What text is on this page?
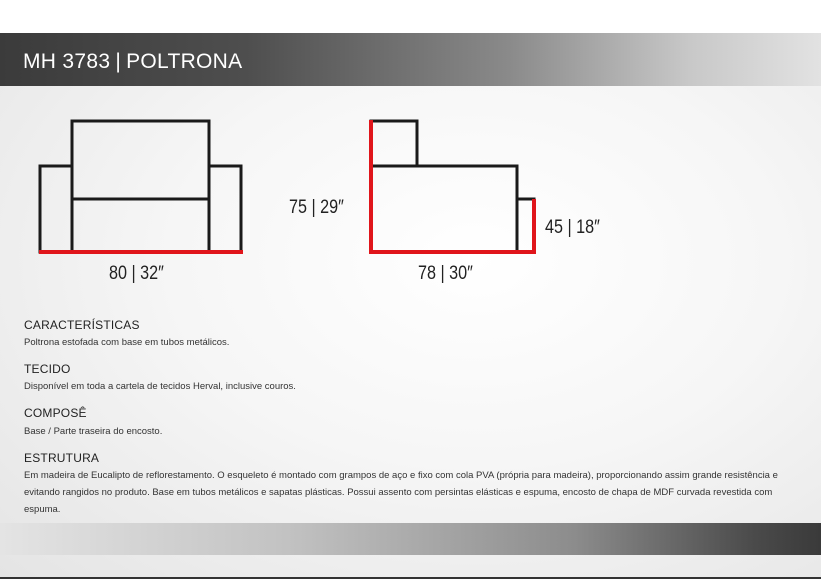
MH 3783 | POLTRONA
80 | 32″
75 | 29″
78 | 30″
45 | 18″
CARACTERÍSTICAS
Poltrona estofada com base em tubos metálicos.
TECIDO
Disponível em toda a cartela de tecidos Herval, inclusive couros.
COMPOSÊ
Base / Parte traseira do encosto.
ESTRUTURA
Em madeira de Eucalipto de reflorestamento. O esqueleto é montado com grampos de aço e fixo com cola PVA (própria para madeira), proporcionando assim grande resistência e evitando rangidos no produto. Base em tubos metálicos e sapatas plásticas. Possui assento com persintas elásticas e espuma, encosto de chapa de MDF curvada revestida com espuma.
